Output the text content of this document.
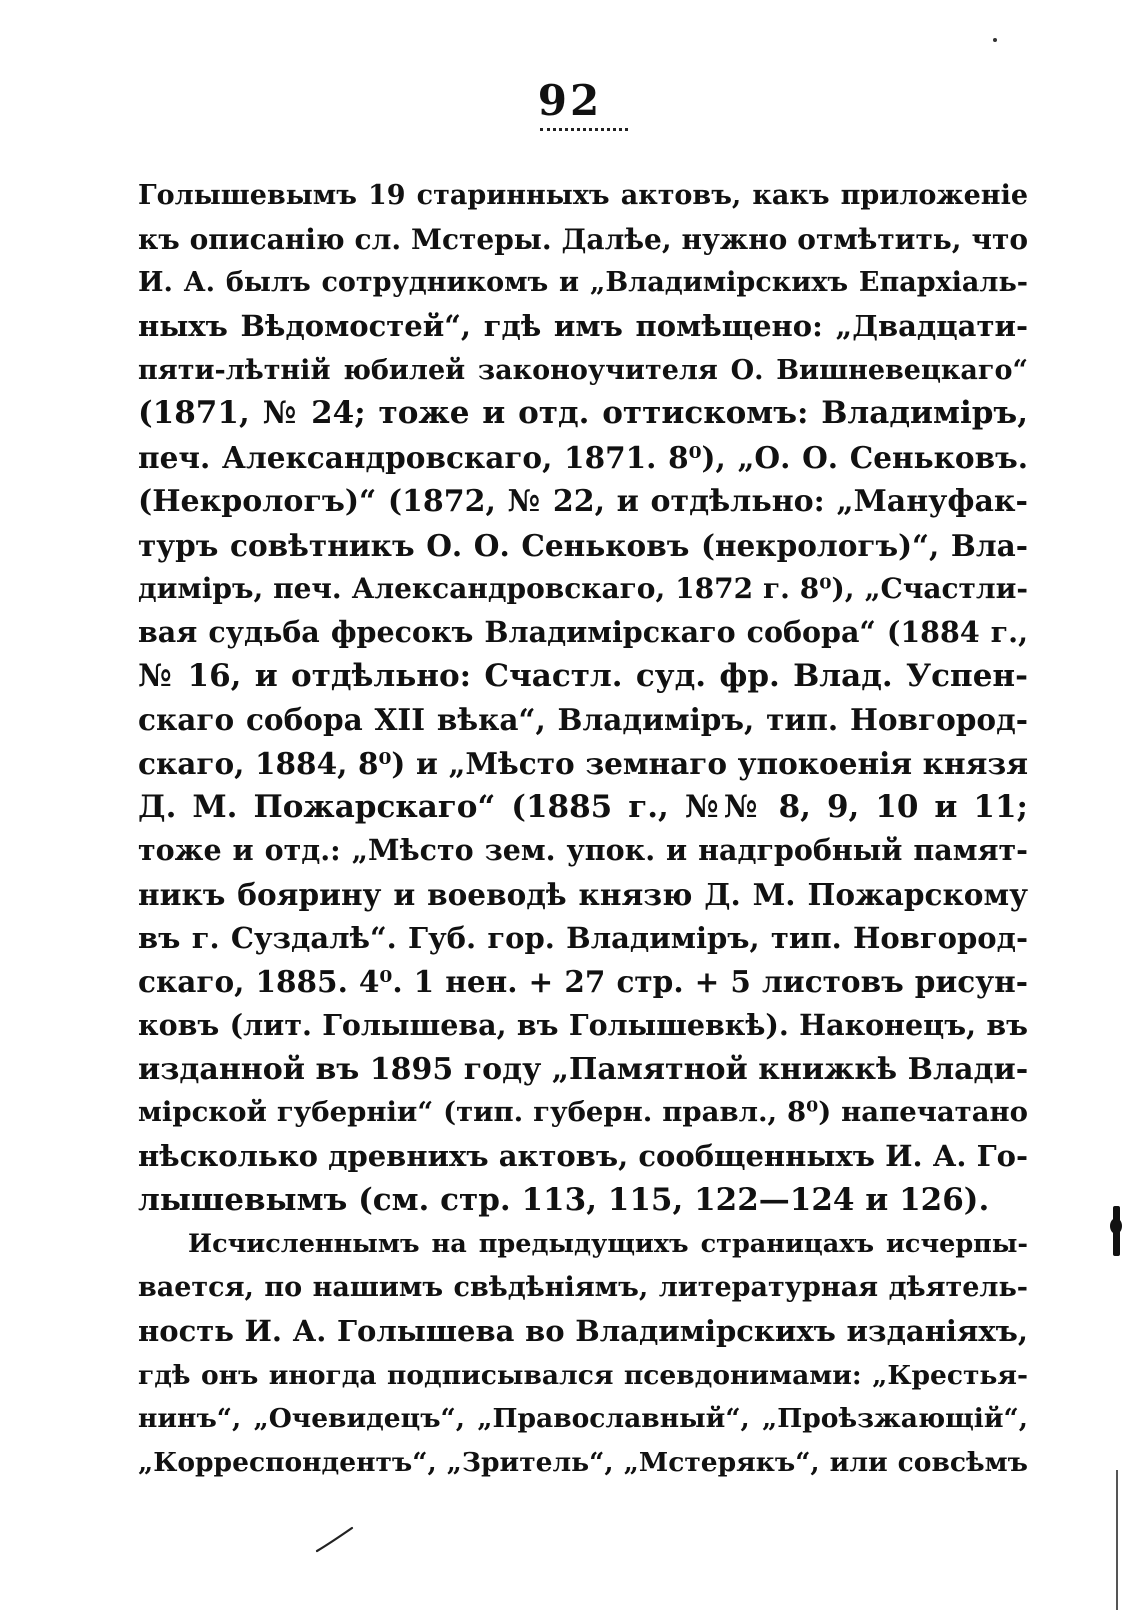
92
Голышевымъ 19 старинныхъ актовъ, какъ приложеніе
къ описанію сл. Мстеры. Далѣе, нужно отмѣтить, что
И. А. былъ сотрудникомъ и „Владимірскихъ Епархіаль-
ныхъ Вѣдомостей“, гдѣ имъ помѣщено: „Двадцати-
пяти-лѣтній юбилей законоучителя О. Вишневецкаго“
(1871, № 24; тоже и отд. оттискомъ: Владиміръ,
печ. Александровскаго, 1871. 8⁰), „О. О. Сеньковъ.
(Некрологъ)“ (1872, № 22, и отдѣльно: „Мануфак-
туръ совѣтникъ О. О. Сеньковъ (некрологъ)“, Вла-
диміръ, печ. Александровскаго, 1872 г. 8⁰), „Счастли-
вая судьба фресокъ Владимірскаго собора“ (1884 г.,
№ 16, и отдѣльно: Счастл. суд. фр. Влад. Успен-
скаго собора XII вѣка“, Владиміръ, тип. Новгород-
скаго, 1884, 8⁰) и „Мѣсто земнаго упокоенія князя
Д. М. Пожарскаго“ (1885 г., №№ 8, 9, 10 и 11;
тоже и отд.: „Мѣсто зем. упок. и надгробный памят-
никъ боярину и воеводѣ князю Д. М. Пожарскому
въ г. Суздалѣ“. Губ. гор. Владиміръ, тип. Новгород-
скаго, 1885. 4⁰. 1 нен. + 27 стр. + 5 листовъ рисун-
ковъ (лит. Голышева, въ Голышевкѣ). Наконецъ, въ
изданной въ 1895 году „Памятной книжкѣ Влади-
мірской губерніи“ (тип. губерн. правл., 8⁰) напечатано
нѣсколько древнихъ актовъ, сообщенныхъ И. А. Го-
лышевымъ (см. стр. 113, 115, 122—124 и 126).
Исчисленнымъ на предыдущихъ страницахъ исчерпы-
вается, по нашимъ свѣдѣніямъ, литературная дѣятель-
ность И. А. Голышева во Владимірскихъ изданіяхъ,
гдѣ онъ иногда подписывался псевдонимами: „Крестья-
нинъ“, „Очевидецъ“, „Православный“, „Проѣзжающій“,
„Корреспондентъ“, „Зритель“, „Мстерякъ“, или совсѣмъ
